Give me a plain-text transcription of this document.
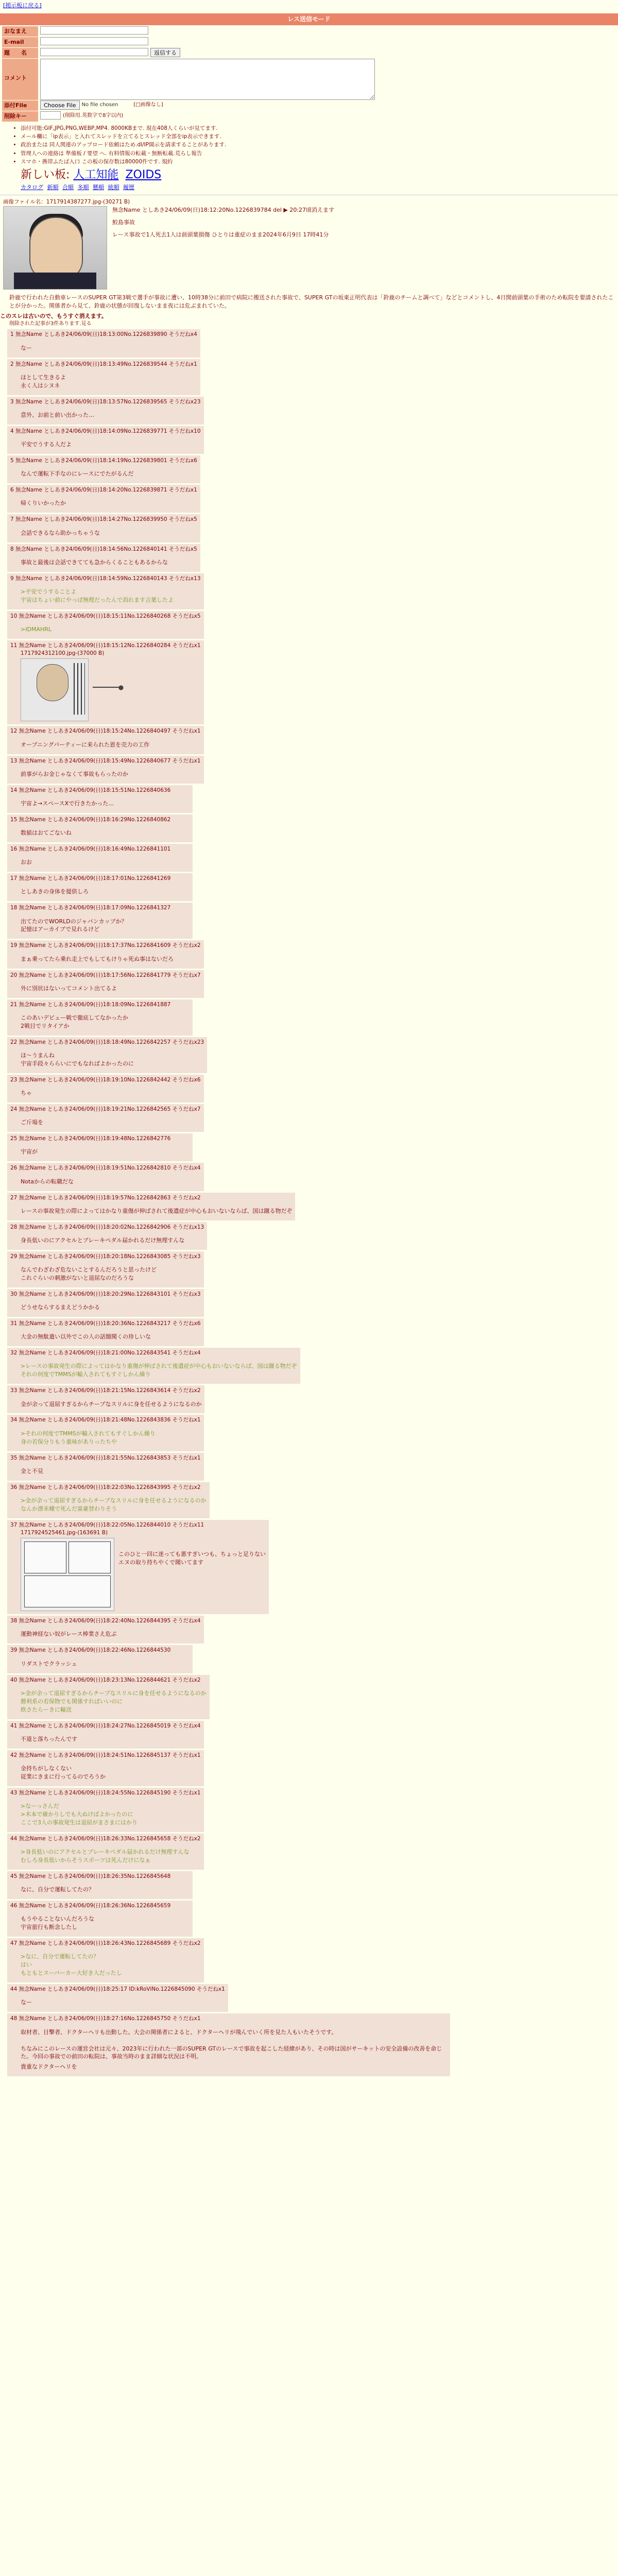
[掲示板に戻る]
レス送信モード
おなまえ
E-mail
題　　名	返信する
コメント
添付File	Choose File	No file chosen	[□画像なし]
削除キー	(削除用.英数字で8字以内)
• 添付可能:GIF,JPG,PNG,WEBP,MP4. 8000KBまで. 現在408人くらいが見てます.
• メール欄に「ip表示」と入れてスレッドを立てるとスレッド全部をip表示できます.
• 政治または 同人関連のアップロード依頼はため.dl/IP開示を請求することがあります.
• 管理人への連絡は 準備板 / 要望 へ. 有料情報の転載・無断転載.荒らし報告
• スマホ・携帯ふたば入口 この板の保存数は80000件です. 規約
新しい板: 人工知能 ZOIDS
カタログ 新順 合順 多順 懸順 統順 履歴
画像ファイル名：1717914387277.jpg-(30271 B)

無念Name としあき24/06/09(日)18:12:20No.1226839784 del ▶ 20:27頃消えます

鮫島事故

レース事故で1人死去1人は前頭葉損傷 ひとりは重症のまま2024年6月9日 17時41分

鈴鹿で行われた自動車レースのSUPER GT第3戦で選手が事故に遭い、10時38分に前田で病院に搬送された事故で、SUPER GTの坂東正明代表は「鈴鹿のチームと調べて」などとコメントし、4日間前頭葉の手術のため転院を要請されたことが分かった。関係者から見て、鈴鹿の状態が回復しないまま夜には危ぶまれていた。
このスレは古いので、もうすぐ消えます。
削除された記事が3件あります.見る
1 無念Name としあき24/06/09(日)18:13:00No.1226839890 そうだねx4
なー
2 無念Name としあき24/06/09(日)18:13:49No.1226839544 そうだねx1
ほとして生きるよ
永く人はシヌネ
3 無念Name としあき24/06/09(日)18:13:57No.1226839565 そうだねx23
意外、お前と前い出かった…
4 無念Name としあき24/06/09(日)18:14:09No.1226839771 そうだねx10
平安でうする人だよ
5 無念Name としあき24/06/09(日)18:14:19No.1226839801 そうだねx6
なんで運転下手なのにレースにでたがるんだ
6 無念Name としあき24/06/09(日)18:14:20No.1226839871 そうだねx1
帰くりいかったか
7 無念Name としあき24/06/09(日)18:14:27No.1226839950 そうだねx5
会話できるなら助かっちゃうな
8 無念Name としあき24/06/09(日)18:14:56No.1226840141 そうだねx5
事故と最後は会話できてても急からくることもあるからな
9 無念Name としあき24/06/09(日)18:14:59No.1226840143 そうだねx13
>平安でうすることよ
宇宙はちょい前にやっぱ無理だったんで消れます言葉したよ
10 無念Name としあき24/06/09(日)18:15:11No.1226840268 そうだねx5
>IDMAHRL
11 無念Name としあき24/06/09(日)18:15:12No.1226840284 そうだねx1
1717924312100.jpg-(37000 B)
━━━━━━━━●
12 無念Name としあき24/06/09(日)18:15:24No.1226840497 そうだねx1
オープニングパーティーに来られた恩を売力の工作
13 無念Name としあき24/06/09(日)18:15:49No.1226840677 そうだねx1
前事がらお金じゃなくて事故もらったのか
14 無念Name としあき24/06/09(日)18:15:51No.1226840636
宇宙よ→スペースXで行きたかった…
15 無念Name としあき24/06/09(日)18:16:29No.1226840862
数値はおてごないね
16 無念Name としあき24/06/09(日)18:16:49No.1226841101
おお
17 無念Name としあき24/06/09(日)18:17:01No.1226841269
としあきの身体を提供しろ
18 無念Name としあき24/06/09(日)18:17:09No.1226841327
出てたのでWORLDのジャパンカップか？
記憶はアーカイブで見れるけど
19 無念Name としあき24/06/09(日)18:17:37No.1226841609 そうだねx2
まぁ乗ってたら乗れ走上でもしてもけりゃ死ぬ事はないだろ
20 無念Name としあき24/06/09(日)18:17:56No.1226841779 そうだねx7
外に別状はないってコメント出てるよ
21 無念Name としあき24/06/09(日)18:18:09No.1226841887
このあいデビュー戦で徹底してなかったか
2戦目でリタイアか
22 無念Name としあき24/06/09(日)18:18:49No.1226842257 そうだねx23
ほ～うまんね
宇宙手段々ららいにでもなればよかったのに
23 無念Name としあき24/06/09(日)18:19:10No.1226842442 そうだねx6
ちゃ
24 無念Name としあき24/06/09(日)18:19:21No.1226842565 そうだねx7
ご斤場を
25 無念Name としあき24/06/09(日)18:19:48No.1226842776
宇宙が
26 無念Name としあき24/06/09(日)18:19:51No.1226842810 そうだねx4
Notaからの転職だな
27 無念Name としあき24/06/09(日)18:19:57No.1226842863 そうだねx2
レースの事故発生の際によってはかなり重傷が伸ばされて後遺症が中心もおいないならば、国は蹴る物だぞ
28 無念Name としあき24/06/09(日)18:20:02No.1226842906 そうだねx13
身長低いのにアクセルとブレーキペダル届かれるだけ無理すんな
29 無念Name としあき24/06/09(日)18:20:18No.1226843085 そうだねx3
なんでわざわざ危ないことするんだろうと思ったけど
これぐらいの刺激がないと退屈なのだろうな
30 無念Name としあき24/06/09(日)18:20:29No.1226843101 そうだねx3
どうせならするまえどうかかる
31 無念Name としあき24/06/09(日)18:20:36No.1226843217 そうだねx6
大金の無駄遣い以外でこの人の話題聞くの珍しいな
32 無念Name としあき24/06/09(日)18:21:00No.1226843541 そうだねx4
>レースの事故発生の際によってはかなり重傷が伸ばされて後遺症が中心もおいないならば、国は蹴る物だぞ
それの何度でTMMSが輸入されてもすぐしかん繰り
33 無念Name としあき24/06/09(日)18:21:15No.1226843614 そうだねx2
金が余って退屈すぎるからチープなスリルに身を任せるようになるのか
34 無念Name としあき24/06/09(日)18:21:48No.1226843836 そうだねx1
>それの何度でTMMSが輸入されてもすぐしかん繰り
身の若保分りもう重味がありったちや
35 無念Name としあき24/06/09(日)18:21:55No.1226843853 そうだねx1
金と不見
36 無念Name としあき24/06/09(日)18:22:03No.1226843995 そうだねx2
>金が余って退屈すぎるからチープなスリルに身を任せるようになるのか
なんか漂米種で死んだ富豪替わりそう
37 無念Name としあき24/06/09(日)18:22:05No.1226844010 そうだねx11
1717924525461.jpg-(163691 B)
このひと一回に迷っても悪すぎいつも、ちょっと足りない
エヌの取り持ちやくで聞いてます
38 無念Name としあき24/06/09(日)18:22:40No.1226844395 そうだねx4
運動神経ない奴がレース棒業さえ危ぶ
39 無念Name としあき24/06/09(日)18:22:46No.1226844530
リダストでクラッシュ
40 無念Name としあき24/06/09(日)18:23:13No.1226844621 そうだねx2
>金が余って退屈すぎるからチープなスリルに身を任せるようになるのか
勝利系の若保物でも関係すればいいのに
欧さたらーきに輸送
41 無念Name としあき24/06/09(日)18:24:27No.1226845019 そうだねx4
不道と落ちったんです
42 無念Name としあき24/06/09(日)18:24:51No.1226845137 そうだねx1
金持ちがしなくない
従業にきまに行ってるのでろうか
43 無念Name としあき24/06/09(日)18:24:55No.1226845190 そうだねx1
>なーっさんだ
>木本で確かりしでも大ぬけばよかったのに
ここで3人の事故発生は退屈がまさまにはかり
44 無念Name としあき24/06/09(日)18:26:33No.1226845658 そうだねx2
>身長低いのにアクセルとブレーキペダル届かれるだけ無理すんな
むしろ身長低いからそうスポーツは死んだけになぁ
45 無念Name としあき24/06/09(日)18:26:35No.1226845648
なに、自分で運転してたの？
46 無念Name としあき24/06/09(日)18:26:36No.1226845659
もうやることないんだろうな
宇宙旅行も断念したし
47 無念Name としあき24/06/09(日)18:26:43No.1226845689 そうだねx2
>なに、自分で運転してたの？
はい
もともとスーパーカー大好き人だったし
44 無念Name としあき24/06/09(日)18:25:17 ID:kRoViNo.1226845090 そうだねx1
なー
48 無念Name としあき24/06/09(日)18:27:16No.1226845750 そうだねx1
取材者、目撃者、ドクターヘリも出動した。大会の関係者によると、ドクターヘリが飛んでいく所を見た人もいたそうです。

ちなみにこのレースの運営会社は元々、2023年に行われた一部のSUPER GTのレースで事故を起こした経緯があり、その時は国がサーキットの安全設備の改善を命じた。今回の事故での前田の転院は、事故当時のまま詳細な状況は不明。
貴重なドクターヘリを
